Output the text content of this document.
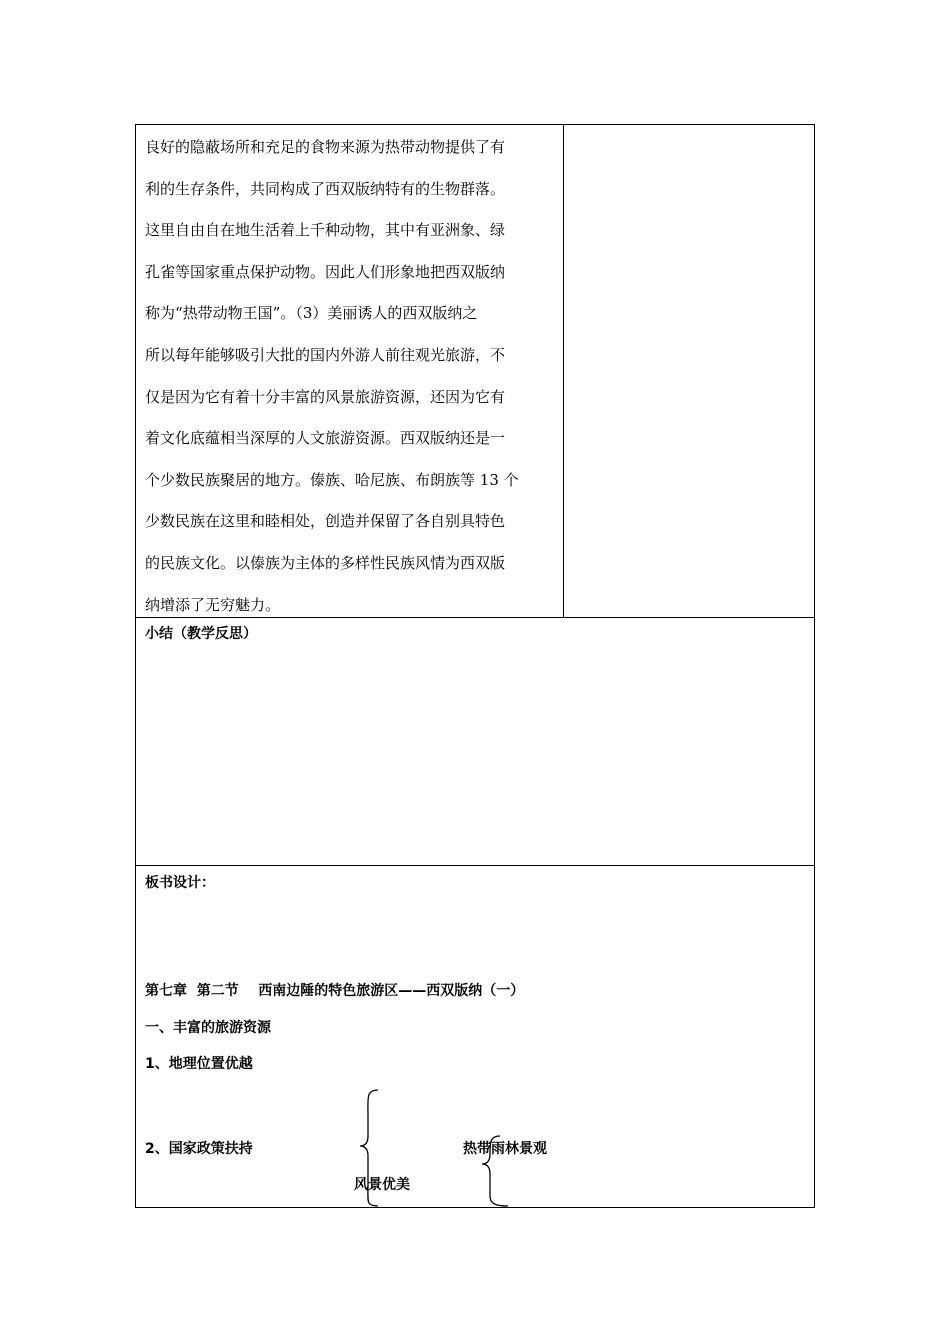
良好的隐蔽场所和充足的食物来源为热带动物提供了有
利的生存条件，共同构成了西双版纳特有的生物群落。
这里自由自在地生活着上千种动物，其中有亚洲象、绿
孔雀等国家重点保护动物。因此人们形象地把西双版纳
称为“热带动物王国”。（3）美丽诱人的西双版纳之
所以每年能够吸引大批的国内外游人前往观光旅游，不
仅是因为它有着十分丰富的风景旅游资源，还因为它有
着文化底蕴相当深厚的人文旅游资源。西双版纳还是一
个少数民族聚居的地方。傣族、哈尼族、布朗族等 13 个
少数民族在这里和睦相处，创造并保留了各自别具特色
的民族文化。以傣族为主体的多样性民族风情为西双版
纳增添了无穷魅力。
小结（教学反思）
板书设计：
第七章  第二节    西南边陲的特色旅游区——西双版纳（一）
一、丰富的旅游资源
1、地理位置优越
2、国家政策扶持
风景优美
热带雨林景观
